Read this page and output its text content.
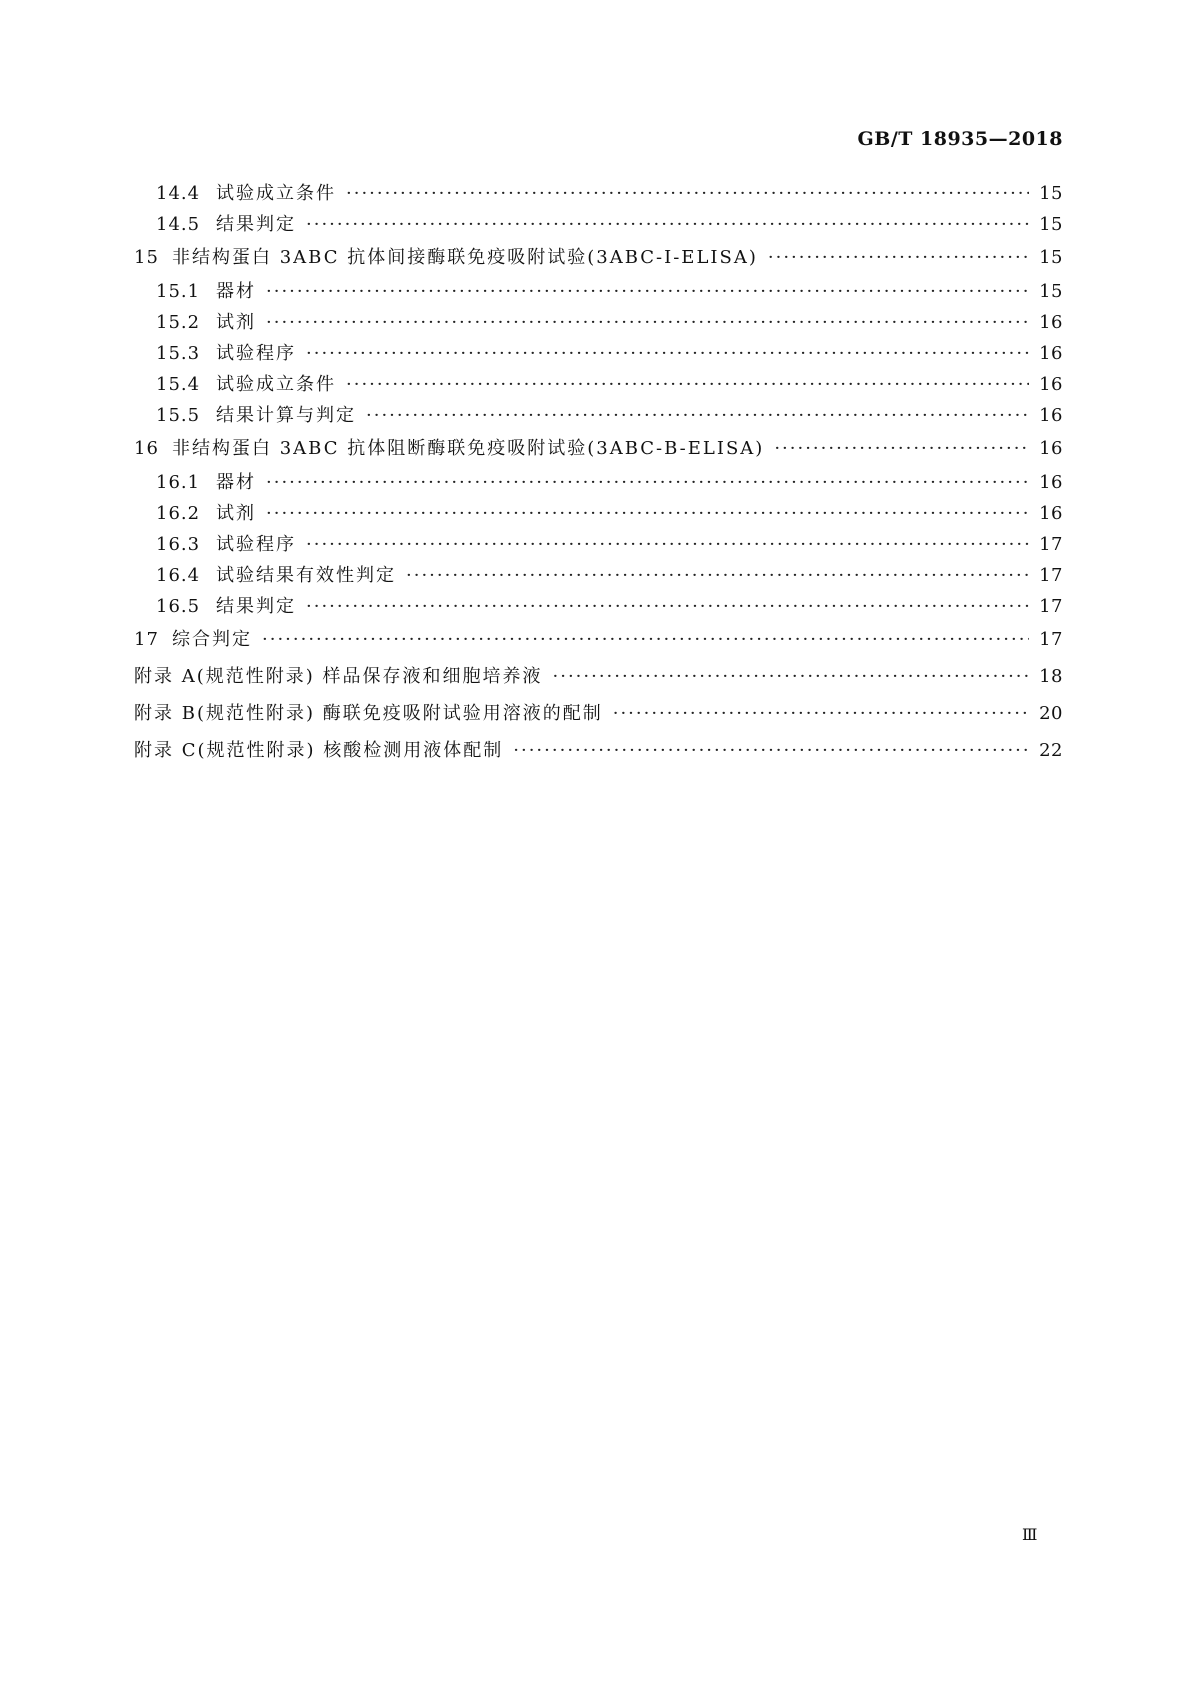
GB/T 18935—2018
14.4 试验成立条件 ·····	15
14.5 结果判定 ·····	15
15 非结构蛋白 3ABC 抗体间接酶联免疫吸附试验(3ABC-I-ELISA) ·····	15
15.1 器材 ·····	15
15.2 试剂 ·····	16
15.3 试验程序 ·····	16
15.4 试验成立条件 ·····	16
15.5 结果计算与判定 ·····	16
16 非结构蛋白 3ABC 抗体阻断酶联免疫吸附试验(3ABC-B-ELISA) ·····	16
16.1 器材 ·····	16
16.2 试剂 ·····	16
16.3 试验程序 ·····	17
16.4 试验结果有效性判定 ·····	17
16.5 结果判定 ·····	17
17 综合判定 ·····	17
附录 A(规范性附录) 样品保存液和细胞培养液 ·····	18
附录 B(规范性附录) 酶联免疫吸附试验用溶液的配制 ·····	20
附录 C(规范性附录) 核酸检测用液体配制 ·····	22
Ⅲ
